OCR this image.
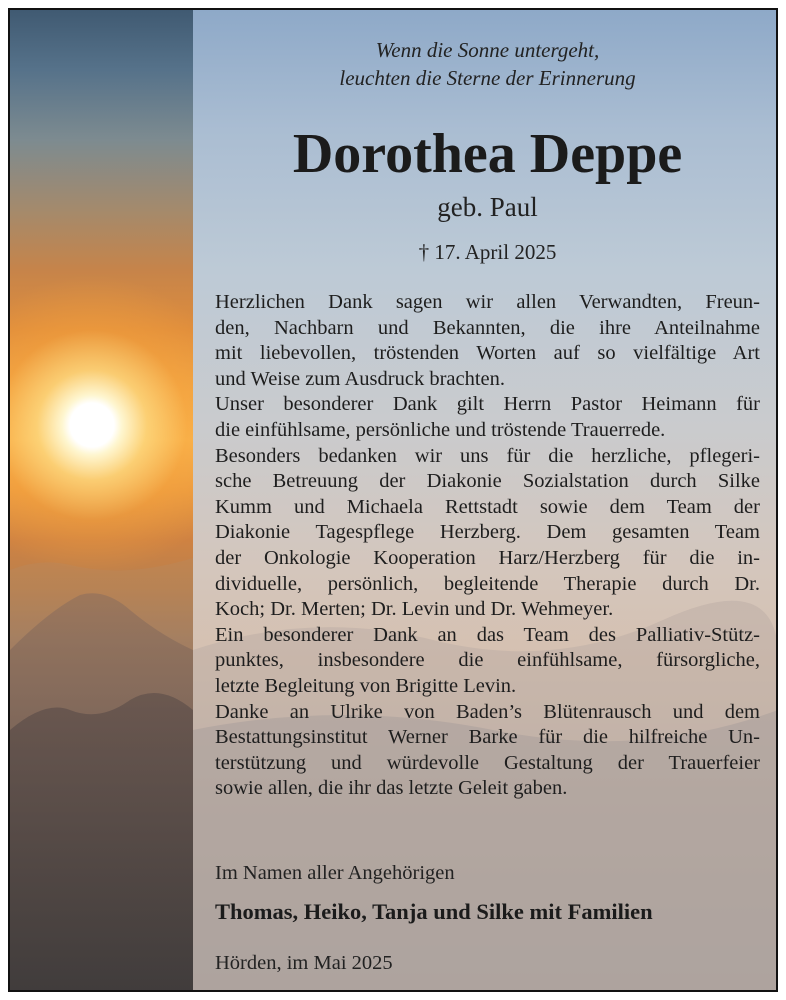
Wenn die Sonne untergeht,
leuchten die Sterne der Erinnerung
Dorothea Deppe
geb. Paul
† 17. April 2025
Herzlichen Dank sagen wir allen Verwandten, Freun-
den, Nachbarn und Bekannten, die ihre Anteilnahme
mit liebevollen, tröstenden Worten auf so vielfältige Art
und Weise zum Ausdruck brachten.
Unser besonderer Dank gilt Herrn Pastor Heimann für
die einfühlsame, persönliche und tröstende Trauerrede.
Besonders bedanken wir uns für die herzliche, pflegeri-
sche Betreuung der Diakonie Sozialstation durch Silke
Kumm und Michaela Rettstadt sowie dem Team der
Diakonie Tagespflege Herzberg. Dem gesamten Team
der Onkologie Kooperation Harz/Herzberg für die in-
dividuelle, persönlich, begleitende Therapie durch Dr.
Koch; Dr. Merten; Dr. Levin und Dr. Wehmeyer.
Ein besonderer Dank an das Team des Palliativ-Stütz-
punktes, insbesondere die einfühlsame, fürsorgliche,
letzte Begleitung von Brigitte Levin.
Danke an Ulrike von Baden’s Blütenrausch und dem
Bestattungsinstitut Werner Barke für die hilfreiche Un-
terstützung und würdevolle Gestaltung der Trauerfeier
sowie allen, die ihr das letzte Geleit gaben.
Im Namen aller Angehörigen
Thomas, Heiko, Tanja und Silke mit Familien
Hörden, im Mai 2025
